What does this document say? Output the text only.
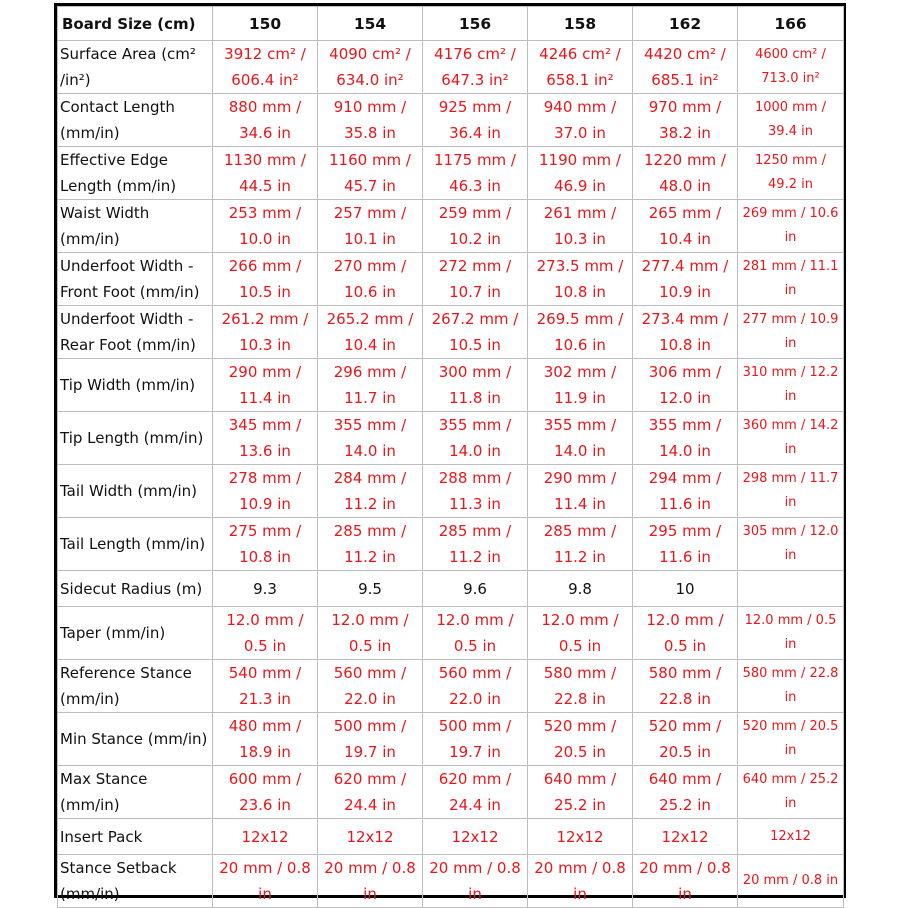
Board Size (cm)	150	154	156	158	162	166
Surface Area (cm² /in²)	3912 cm² / 606.4 in²	4090 cm² / 634.0 in²	4176 cm² / 647.3 in²	4246 cm² / 658.1 in²	4420 cm² / 685.1 in²	4600 cm² / 713.0 in²
Contact Length (mm/in)	880 mm / 34.6 in	910 mm / 35.8 in	925 mm / 36.4 in	940 mm / 37.0 in	970 mm / 38.2 in	1000 mm / 39.4 in
Effective Edge Length (mm/in)	1130 mm / 44.5 in	1160 mm / 45.7 in	1175 mm / 46.3 in	1190 mm / 46.9 in	1220 mm / 48.0 in	1250 mm / 49.2 in
Waist Width (mm/in)	253 mm / 10.0 in	257 mm / 10.1 in	259 mm / 10.2 in	261 mm / 10.3 in	265 mm / 10.4 in	269 mm / 10.6 in
Underfoot Width - Front Foot (mm/in)	266 mm / 10.5 in	270 mm / 10.6 in	272 mm / 10.7 in	273.5 mm / 10.8 in	277.4 mm / 10.9 in	281 mm / 11.1 in
Underfoot Width - Rear Foot (mm/in)	261.2 mm / 10.3 in	265.2 mm / 10.4 in	267.2 mm / 10.5 in	269.5 mm / 10.6 in	273.4 mm / 10.8 in	277 mm / 10.9 in
Tip Width (mm/in)	290 mm / 11.4 in	296 mm / 11.7 in	300 mm / 11.8 in	302 mm / 11.9 in	306 mm / 12.0 in	310 mm / 12.2 in
Tip Length (mm/in)	345 mm / 13.6 in	355 mm / 14.0 in	355 mm / 14.0 in	355 mm / 14.0 in	355 mm / 14.0 in	360 mm / 14.2 in
Tail Width (mm/in)	278 mm / 10.9 in	284 mm / 11.2 in	288 mm / 11.3 in	290 mm / 11.4 in	294 mm / 11.6 in	298 mm / 11.7 in
Tail Length (mm/in)	275 mm / 10.8 in	285 mm / 11.2 in	285 mm / 11.2 in	285 mm / 11.2 in	295 mm / 11.6 in	305 mm / 12.0 in
Sidecut Radius (m)	9.3	9.5	9.6	9.8	10	
Taper (mm/in)	12.0 mm / 0.5 in	12.0 mm / 0.5 in	12.0 mm / 0.5 in	12.0 mm / 0.5 in	12.0 mm / 0.5 in	12.0 mm / 0.5 in
Reference Stance (mm/in)	540 mm / 21.3 in	560 mm / 22.0 in	560 mm / 22.0 in	580 mm / 22.8 in	580 mm / 22.8 in	580 mm / 22.8 in
Min Stance (mm/in)	480 mm / 18.9 in	500 mm / 19.7 in	500 mm / 19.7 in	520 mm / 20.5 in	520 mm / 20.5 in	520 mm / 20.5 in
Max Stance (mm/in)	600 mm / 23.6 in	620 mm / 24.4 in	620 mm / 24.4 in	640 mm / 25.2 in	640 mm / 25.2 in	640 mm / 25.2 in
Insert Pack	12x12	12x12	12x12	12x12	12x12	12x12
Stance Setback (mm/in)	20 mm / 0.8 in	20 mm / 0.8 in	20 mm / 0.8 in	20 mm / 0.8 in	20 mm / 0.8 in	20 mm / 0.8 in
